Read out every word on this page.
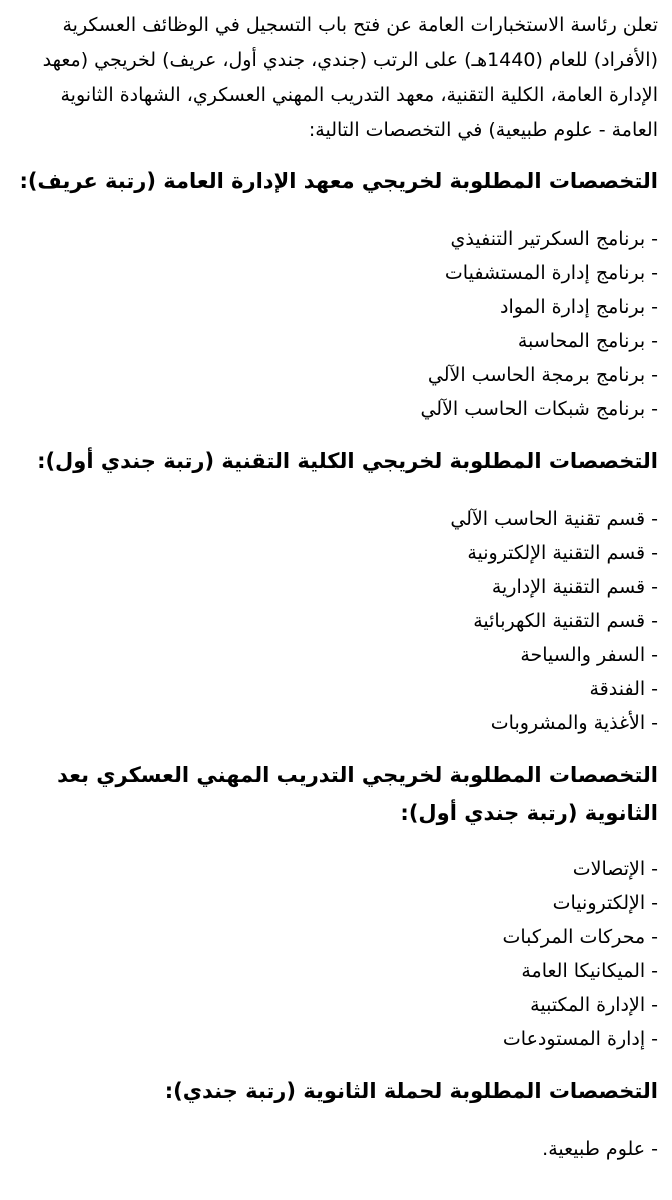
تعلن رئاسة الاستخبارات العامة عن فتح باب التسجيل في الوظائف العسكرية (الأفراد) للعام (1440هـ) على الرتب (جندي، جندي أول، عريف) لخريجي (معهد الإدارة العامة، الكلية التقنية، معهد التدريب المهني العسكري، الشهادة الثانوية العامة - علوم طبيعية) في التخصصات التالية:

التخصصات المطلوبة لخريجي معهد الإدارة العامة (رتبة عريف):
-برنامج السكرتير التنفيذي
-برنامج إدارة المستشفيات
-برنامج إدارة المواد
-برنامج المحاسبة
-برنامج برمجة الحاسب الآلي
-برنامج شبكات الحاسب الآلي
التخصصات المطلوبة لخريجي الكلية التقنية (رتبة جندي أول):
-قسم تقنية الحاسب الآلي
-قسم التقنية الإلكترونية
-قسم التقنية الإدارية
-قسم التقنية الكهربائية
-السفر والسياحة
-الفندقة
-الأغذية والمشروبات
التخصصات المطلوبة لخريجي التدريب المهني العسكري بعد الثانوية (رتبة جندي أول):
-الإتصالات
-الإلكترونيات
-محركات المركبات
-الميكانيكا العامة
-الإدارة المكتبية
-إدارة المستودعات
التخصصات المطلوبة لحملة الثانوية (رتبة جندي):
-علوم طبيعية.
